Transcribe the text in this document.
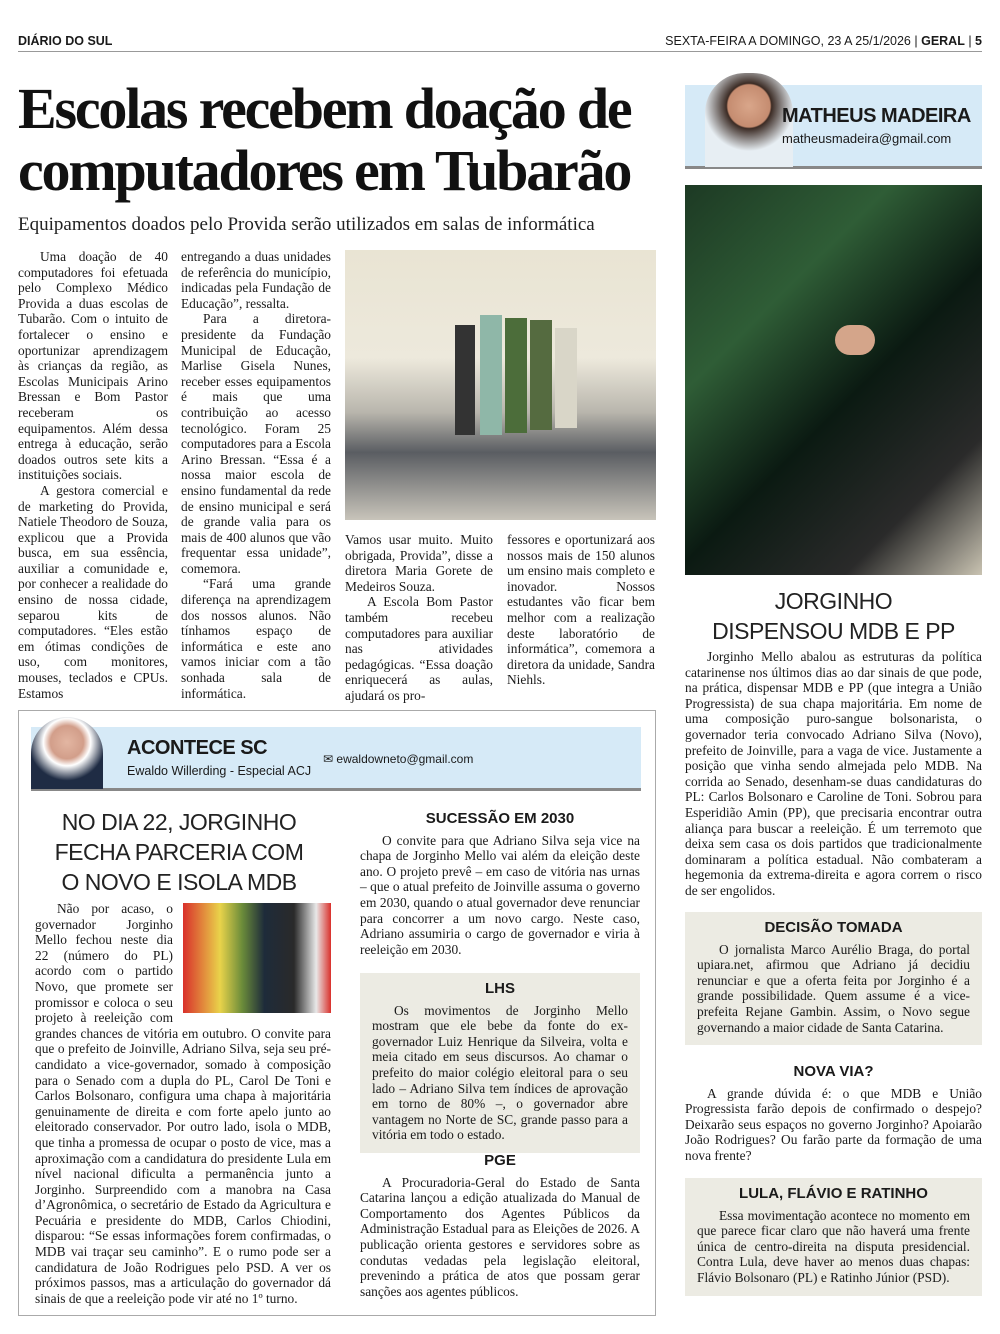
DIÁRIO DO SUL	SEXTA-FEIRA A DOMINGO, 23 A 25/1/2026 | GERAL | 5
Escolas recebem doação de computadores em Tubarão
Equipamentos doados pelo Provida serão utilizados em salas de informática

Uma doação de 40 computadores foi efetuada pelo Complexo Médico Provida a duas escolas de Tubarão. Com o intuito de fortalecer o ensino e oportunizar aprendizagem às crianças da região, as Escolas Municipais Arino Bressan e Bom Pastor receberam os equipamentos. Além dessa entrega à educação, serão doados outros sete kits a instituições sociais.

A gestora comercial e de marketing do Provida, Natiele Theodoro de Souza, explicou que a Provida busca, em sua essência, auxiliar a comunidade e, por conhecer a realidade do ensino de nossa cidade, separou kits de computadores. “Eles estão em ótimas condições de uso, com monitores, mouses, teclados e CPUs. Estamos

entregando a duas unidades de referência do município, indicadas pela Fundação de Educação”, ressalta.

Para a diretora-presidente da Fundação Municipal de Educação, Marlise Gisela Nunes, receber esses equipamentos é mais que uma contribuição ao acesso tecnológico. Foram 25 computadores para a Escola Arino Bressan. “Essa é a nossa maior escola de ensino fundamental da rede de ensino municipal e será de grande valia para os mais de 400 alunos que vão frequentar essa unidade”, comemora.

“Fará uma grande diferença na aprendizagem dos nossos alunos. Não tínhamos espaço de informática e este ano vamos iniciar com a tão sonhada sala de informática.

Vamos usar muito. Muito obrigada, Provida”, disse a diretora Maria Gorete de Medeiros Souza.

A Escola Bom Pastor também recebeu computadores para auxiliar nas atividades pedagógicas. “Essa doação enriquecerá as aulas, ajudará os pro-

fessores e oportunizará aos nossos mais de 150 alunos um ensino mais completo e inovador. Nossos estudantes vão ficar bem melhor com a realização deste laboratório de informática”, comemora a diretora da unidade, Sandra Niehls.

MATHEUS MADEIRA
matheusmadeira@gmail.com
JORGINHO
DISPENSOU MDB E PP

Jorginho Mello abalou as estruturas da política catarinense nos últimos dias ao dar sinais de que pode, na prática, dispensar MDB e PP (que integra a União Progressista) de sua chapa majoritária. Em nome de uma composição puro-sangue bolsonarista, o governador teria convocado Adriano Silva (Novo), prefeito de Joinville, para a vaga de vice. Justamente a posição que vinha sendo almejada pelo MDB. Na corrida ao Senado, desenham-se duas candidaturas do PL: Carlos Bolsonaro e Caroline de Toni. Sobrou para Esperidião Amin (PP), que precisaria encontrar outra aliança para buscar a reeleição. É um terremoto que deixa sem casa os dois partidos que tradicionalmente dominaram a política estadual. Não combateram a hegemonia da extrema-direita e agora correm o risco de ser engolidos.

DECISÃO TOMADA

O jornalista Marco Aurélio Braga, do portal upiara.net, afirmou que Adriano já decidiu renunciar e que a oferta feita por Jorginho é a grande possibilidade. Quem assume é a vice-prefeita Rejane Gambin. Assim, o Novo segue governando a maior cidade de Santa Catarina.

NOVA VIA?

A grande dúvida é: o que MDB e União Progressista farão depois de confirmado o despejo? Deixarão seus espaços no governo Jorginho? Apoiarão João Rodrigues? Ou farão parte da formação de uma nova frente?

LULA, FLÁVIO E RATINHO

Essa movimentação acontece no momento em que parece ficar claro que não haverá uma frente única de centro-direita na disputa presidencial. Contra Lula, deve haver ao menos duas chapas: Flávio Bolsonaro (PL) e Ratinho Júnior (PSD).

ACONTECE SC
Ewaldo Willerding - Especial ACJ
✉ ewaldowneto@gmail.com
NO DIA 22, JORGINHO FECHA PARCERIA COM O NOVO E ISOLA MDB

Não por acaso, o governador Jorginho Mello fechou neste dia 22 (número do PL) acordo com o partido Novo, que promete ser promissor e coloca o seu projeto à reeleição com grandes chances de vitória em outubro. O convite para que o prefeito de Joinville, Adriano Silva, seja seu pré-candidato a vice-governador, somado à composição para o Senado com a dupla do PL, Carol De Toni e Carlos Bolsonaro, configura uma chapa à majoritária genuinamente de direita e com forte apelo junto ao eleitorado conservador. Por outro lado, isola o MDB, que tinha a promessa de ocupar o posto de vice, mas a aproximação com a candidatura do presidente Lula em nível nacional dificulta a permanência junto a Jorginho. Surpreendido com a manobra na Casa d’Agronômica, o secretário de Estado da Agricultura e Pecuária e presidente do MDB, Carlos Chiodini, disparou: “Se essas informações forem confirmadas, o MDB vai traçar seu caminho”. E o rumo pode ser a candidatura de João Rodrigues pelo PSD. A ver os próximos passos, mas a articulação do governador dá sinais de que a reeleição pode vir até no 1º turno.

SUCESSÃO EM 2030

O convite para que Adriano Silva seja vice na chapa de Jorginho Mello vai além da eleição deste ano. O projeto prevê – em caso de vitória nas urnas – que o atual prefeito de Joinville assuma o governo em 2030, quando o atual governador deve renunciar para concorrer a um novo cargo. Neste caso, Adriano assumiria o cargo de governador e viria à reeleição em 2030.

LHS

Os movimentos de Jorginho Mello mostram que ele bebe da fonte do ex-governador Luiz Henrique da Silveira, volta e meia citado em seus discursos. Ao chamar o prefeito do maior colégio eleitoral para o seu lado – Adriano Silva tem índices de aprovação em torno de 80% –, o governador abre vantagem no Norte de SC, grande passo para a vitória em todo o estado.

PGE

A Procuradoria-Geral do Estado de Santa Catarina lançou a edição atualizada do Manual de Comportamento dos Agentes Públicos da Administração Estadual para as Eleições de 2026. A publicação orienta gestores e servidores sobre as condutas vedadas pela legislação eleitoral, prevenindo a prática de atos que possam gerar sanções aos agentes públicos.
